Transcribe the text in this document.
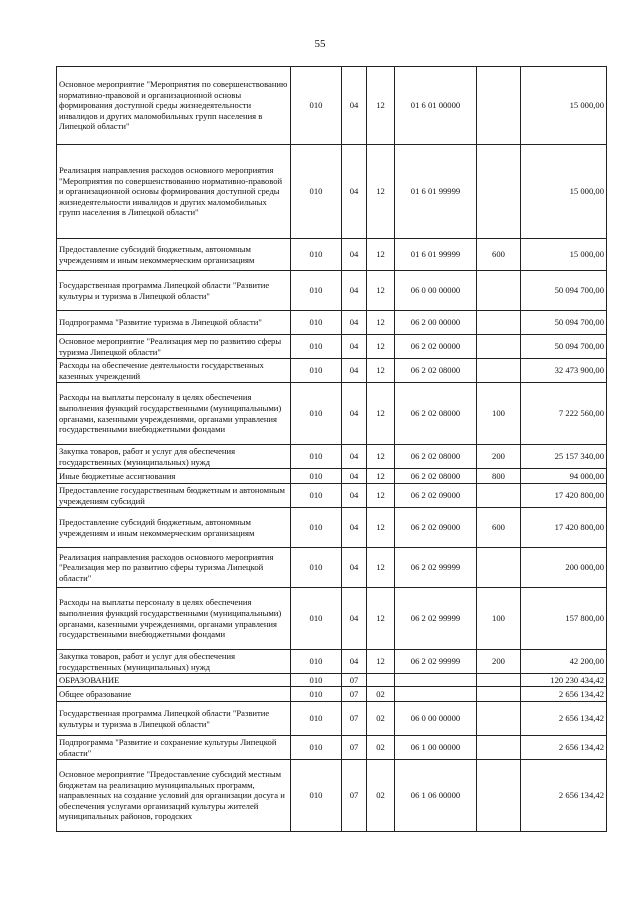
55
Основное мероприятие "Мероприятия по совершенствованию нормативно-правовой и организационной основы формирования доступной среды жизнедеятельности инвалидов и других маломобильных групп населения в Липецкой области"	010	04	12	01 6 01 00000		15 000,00
Реализация направления расходов основного мероприятия "Мероприятия по совершенствованию нормативно-правовой и организационной основы формирования доступной среды жизнедеятельности инвалидов и других маломобильных групп населения в Липецкой области"	010	04	12	01 6 01 99999		15 000,00
Предоставление субсидий бюджетным, автономным учреждениям и иным некоммерческим организациям	010	04	12	01 6 01 99999	600	15 000,00
Государственная программа Липецкой области "Развитие культуры и туризма в Липецкой области"	010	04	12	06 0 00 00000		50 094 700,00
Подпрограмма "Развитие туризма в Липецкой области"	010	04	12	06 2 00 00000		50 094 700,00
Основное мероприятие "Реализация мер по развитию сферы туризма Липецкой области"	010	04	12	06 2 02 00000		50 094 700,00
Расходы на обеспечение деятельности государственных казенных учреждений	010	04	12	06 2 02 08000		32 473 900,00
Расходы на выплаты персоналу в целях обеспечения выполнения функций государственными (муниципальными) органами, казенными учреждениями, органами управления государственными внебюджетными фондами	010	04	12	06 2 02 08000	100	7 222 560,00
Закупка товаров, работ и услуг для обеспечения государственных (муниципальных) нужд	010	04	12	06 2 02 08000	200	25 157 340,00
Иные бюджетные ассигнования	010	04	12	06 2 02 08000	800	94 000,00
Предоставление государственным бюджетным и автономным учреждениям субсидий	010	04	12	06 2 02 09000		17 420 800,00
Предоставление субсидий бюджетным, автономным учреждениям и иным некоммерческим организациям	010	04	12	06 2 02 09000	600	17 420 800,00
Реализация направления расходов основного мероприятия "Реализация мер по развитию сферы туризма Липецкой области"	010	04	12	06 2 02 99999		200 000,00
Расходы на выплаты персоналу в целях обеспечения выполнения функций государственными (муниципальными) органами, казенными учреждениями, органами управления государственными внебюджетными фондами	010	04	12	06 2 02 99999	100	157 800,00
Закупка товаров, работ и услуг для обеспечения государственных (муниципальных) нужд	010	04	12	06 2 02 99999	200	42 200,00
ОБРАЗОВАНИЕ	010	07				120 230 434,42
Общее образование	010	07	02			2 656 134,42
Государственная программа Липецкой области "Развитие культуры и туризма в Липецкой области"	010	07	02	06 0 00 00000		2 656 134,42
Подпрограмма "Развитие и сохранение культуры Липецкой области"	010	07	02	06 1 00 00000		2 656 134,42
Основное мероприятие "Предоставление субсидий местным бюджетам на реализацию муниципальных программ, направленных на создание условий для организации досуга и обеспечения услугами организаций культуры жителей муниципальных районов, городских	010	07	02	06 1 06 00000		2 656 134,42
